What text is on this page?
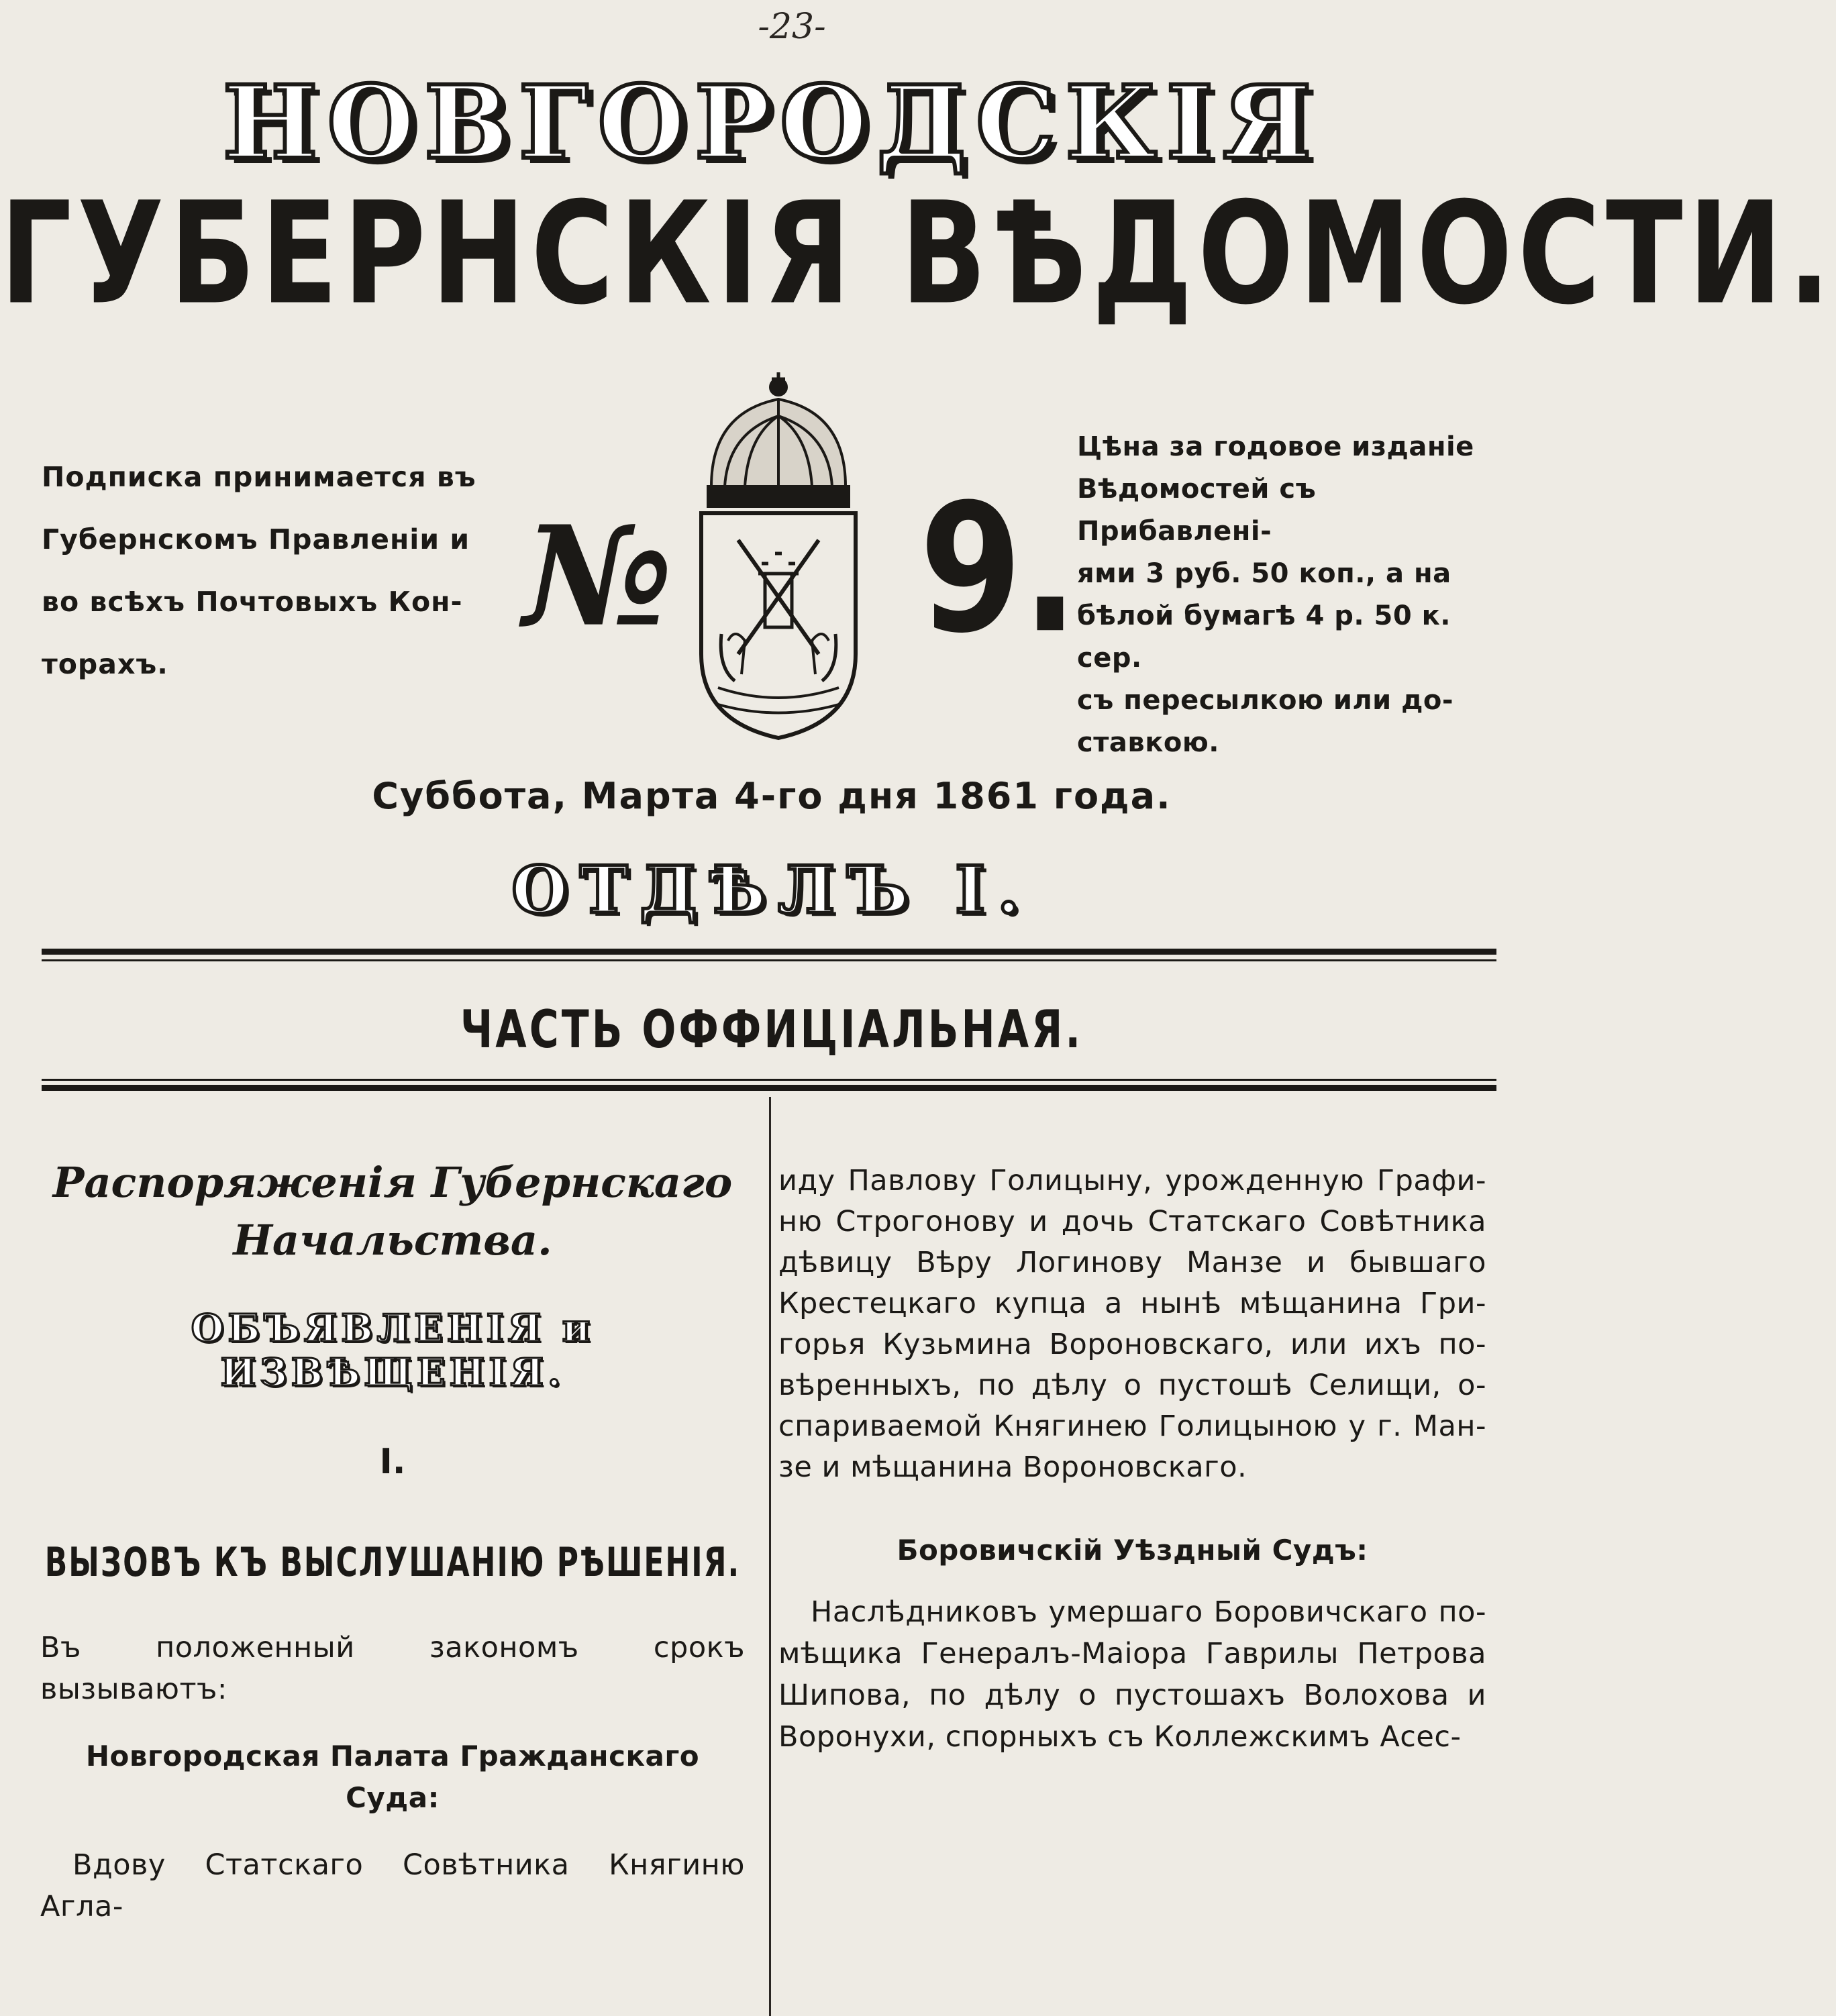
-23-
НОВГОРОДСКІЯ
ГУБЕРНСКІЯ ВѢДОМОСТИ.
Подписка принимается въ
Губернскомъ Правленіи и
во всѣхъ Почтовыхъ Кон-
торахъ.
№ 9.
Цѣна за годовое изданіе
Вѣдомостей съ Прибавлені-
ями 3 руб. 50 коп., а на
бѣлой бумагѣ 4 р. 50 к. сер.
съ пересылкою или до-
ставкою.
Суббота, Марта 4-го дня 1861 года.
ОТДѢЛЪ I.
ЧАСТЬ ОФФИЦІАЛЬНАЯ.
Распоряженія Губернскаго
Начальства.
ОБЪЯВЛЕНІЯ и ИЗВѢЩЕНІЯ.
I.
ВЫЗОВЪ КЪ ВЫСЛУШАНІЮ РѢШЕНІЯ.
Въ положенный закономъ срокъ вызываютъ:
Новгородская Палата Гражданскаго Суда:
Вдову Статскаго Совѣтника Княгиню Агла-
иду Павлову Голицыну, урожденную Графи-ню Строгонову и дочь Статскаго Совѣтника дѣвицу Вѣру Логинову Манзе и бывшаго Крестецкаго купца а нынѣ мѣщанина Гри-горья Кузьмина Вороновскаго, или ихъ по-вѣренныхъ, по дѣлу о пустошѣ Селищи, о-спариваемой Княгинею Голицыною у г. Ман-зе и мѣщанина Вороновскаго.
Боровичскій Уѣздный Судъ:
Наслѣдниковъ умершаго Боровичскаго по-мѣщика Генералъ-Маіора Гаврилы Петрова Шипова, по дѣлу о пустошахъ Волохова и Воронухи, спорныхъ съ Коллежскимъ Асес-
